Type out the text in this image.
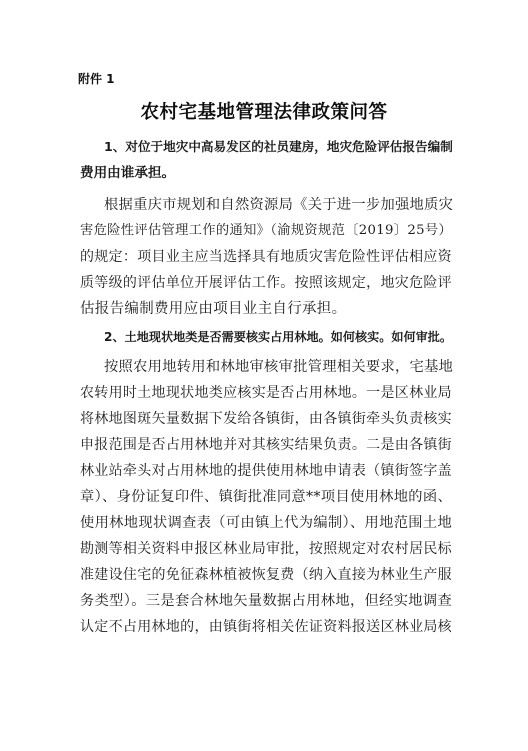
附件 1
农村宅基地管理法律政策问答
1、对位于地灾中高易发区的社员建房，地灾危险评估报告编制
费用由谁承担。
根据重庆市规划和自然资源局《关于进一步加强地质灾
害危险性评估管理工作的通知》（渝规资规范〔2019〕25号）
的规定：项目业主应当选择具有地质灾害危险性评估相应资
质等级的评估单位开展评估工作。按照该规定，地灾危险评
估报告编制费用应由项目业主自行承担。
2、土地现状地类是否需要核实占用林地。如何核实。如何审批。
按照农用地转用和林地审核审批管理相关要求，宅基地
农转用时土地现状地类应核实是否占用林地。一是区林业局
将林地图斑矢量数据下发给各镇街，由各镇街牵头负责核实
申报范围是否占用林地并对其核实结果负责。二是由各镇街
林业站牵头对占用林地的提供使用林地申请表（镇街签字盖
章）、身份证复印件、镇街批准同意**项目使用林地的函、
使用林地现状调查表（可由镇上代为编制）、用地范围土地
勘测等相关资料申报区林业局审批，按照规定对农村居民标
准建设住宅的免征森林植被恢复费（纳入直接为林业生产服
务类型）。三是套合林地矢量数据占用林地，但经实地调查
认定不占用林地的，由镇街将相关佐证资料报送区林业局核
